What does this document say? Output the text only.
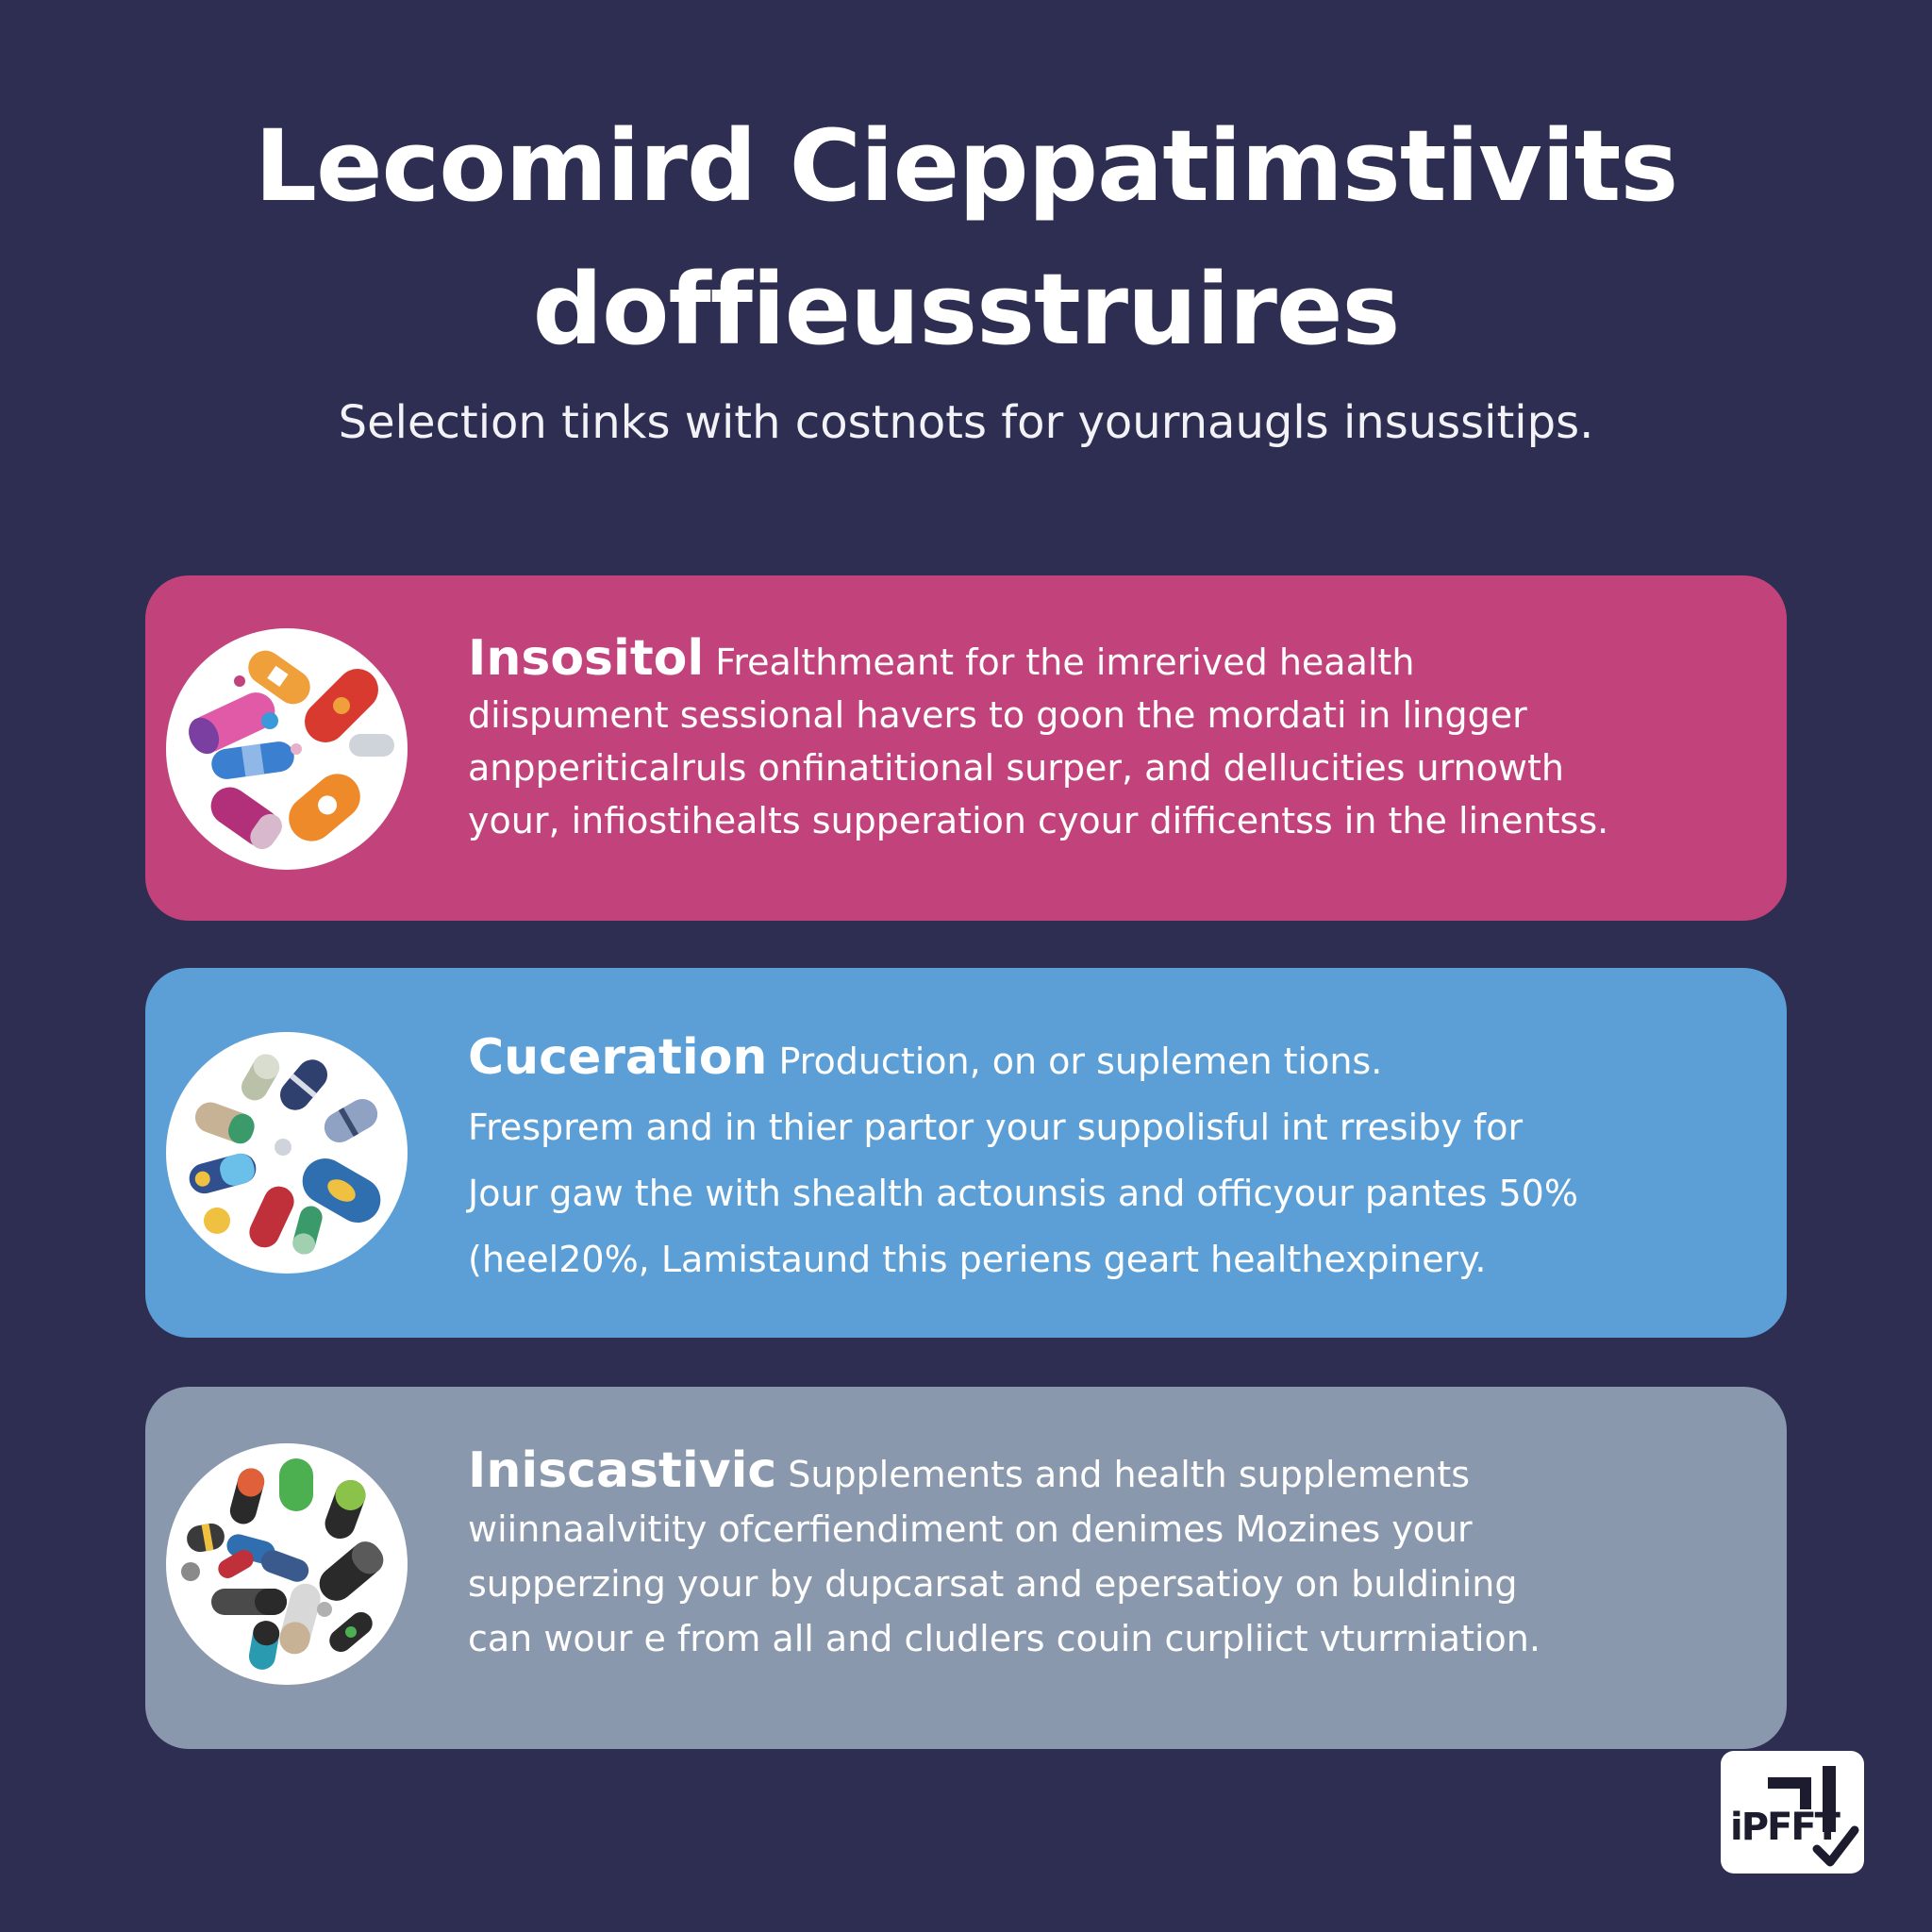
Lecomird Cieppatimstivits
doffieusstruires
Selection tinks with costnots for yournaugls insussitips.
Insositol Frealthmeant for the imrerived heaalth
diispument sessional havers to goon the mordati in lingger
anpperiticalruls onfinatitional surper, and dellucities urnowth
your, infiostihealts supperation cyour difficentss in the linentss.
Cuceration Production, on or suplemen tions.
Fresprem and in thier partor your suppolisful int rresiby for
Jour gaw the with shealth actounsis and officyour pantes 50%
(heel20%, Lamistaund this periens geart healthexpinery.
Iniscastivic Supplements and health supplements
wiinnaalvitity ofcerfiendiment on denimes Mozines your
supperzing your by dupcarsat and epersatioy on buldining
can wour e from all and cludlers couin curpliict vturrniation.
iPFFT
